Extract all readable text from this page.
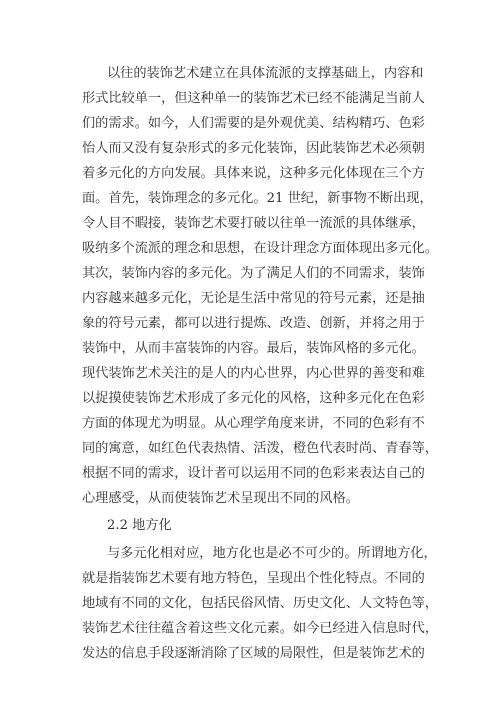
以往的装饰艺术建立在具体流派的支撑基础上，内容和
形式比较单一，但这种单一的装饰艺术已经不能满足当前人
们的需求。如今，人们需要的是外观优美、结构精巧、色彩
怡人而又没有复杂形式的多元化装饰，因此装饰艺术必须朝
着多元化的方向发展。具体来说，这种多元化体现在三个方
面。首先，装饰理念的多元化。21 世纪，新事物不断出现，
令人目不暇接，装饰艺术要打破以往单一流派的具体继承，
吸纳多个流派的理念和思想，在设计理念方面体现出多元化。
其次，装饰内容的多元化。为了满足人们的不同需求，装饰
内容越来越多元化，无论是生活中常见的符号元素，还是抽
象的符号元素，都可以进行提炼、改造、创新，并将之用于
装饰中，从而丰富装饰的内容。最后，装饰风格的多元化。
现代装饰艺术关注的是人的内心世界，内心世界的善变和难
以捉摸使装饰艺术形成了多元化的风格，这种多元化在色彩
方面的体现尤为明显。从心理学角度来讲，不同的色彩有不
同的寓意，如红色代表热情、活泼，橙色代表时尚、青春等，
根据不同的需求，设计者可以运用不同的色彩来表达自己的
心理感受，从而使装饰艺术呈现出不同的风格。
2.2 地方化
与多元化相对应，地方化也是必不可少的。所谓地方化，
就是指装饰艺术要有地方特色，呈现出个性化特点。不同的
地域有不同的文化，包括民俗风情、历史文化、人文特色等，
装饰艺术往往蕴含着这些文化元素。如今已经进入信息时代，
发达的信息手段逐渐消除了区域的局限性，但是装饰艺术的
